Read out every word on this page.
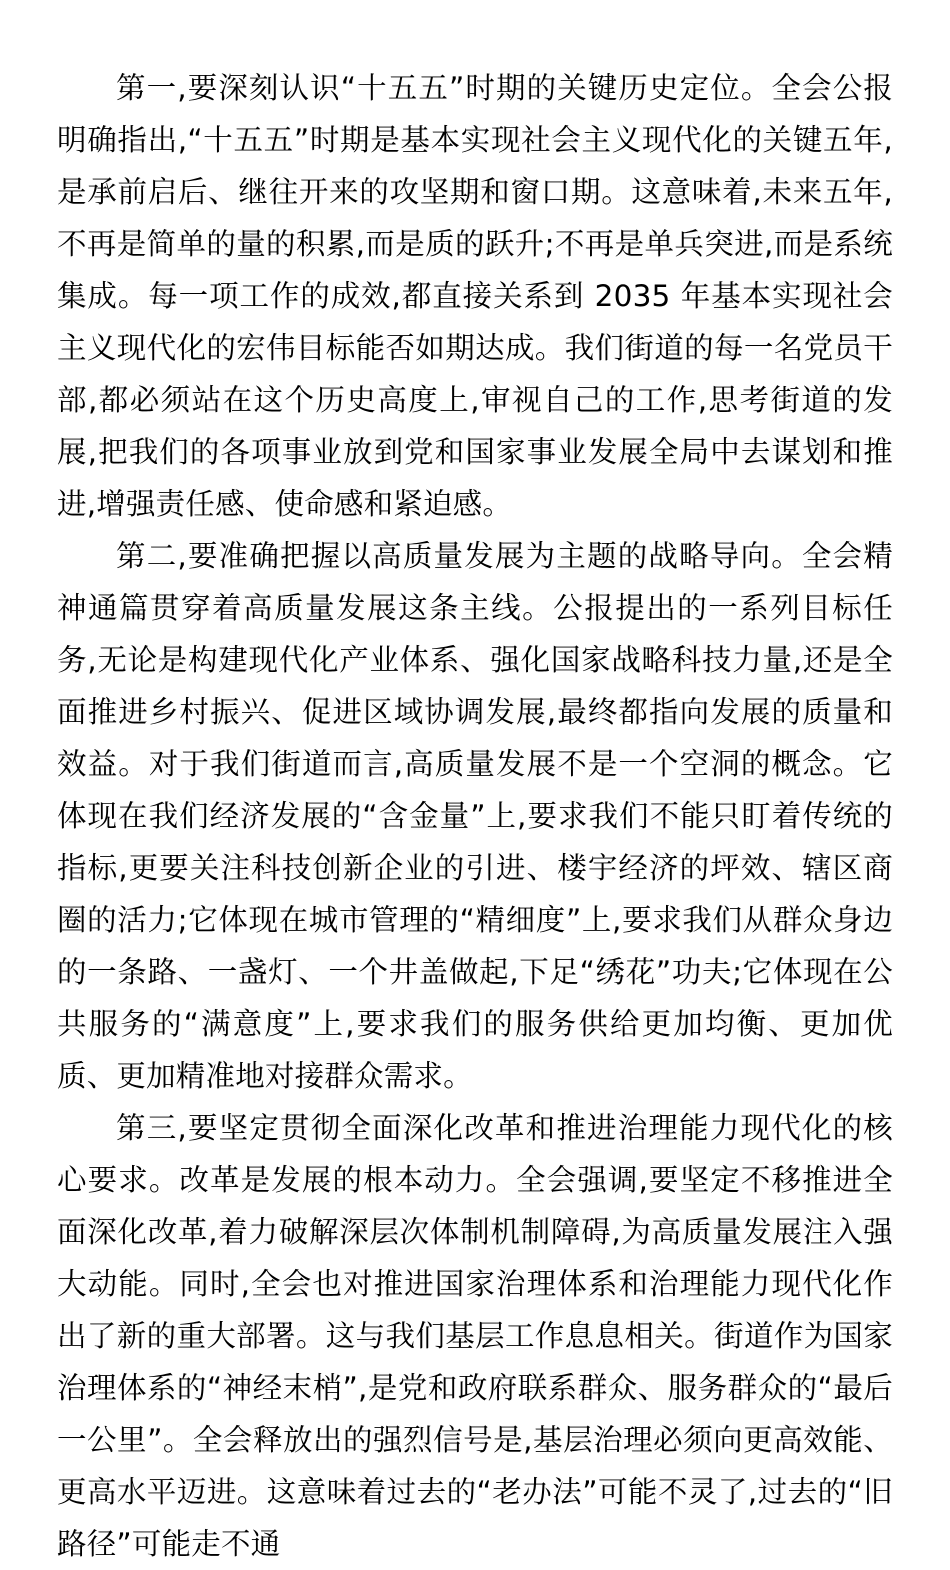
第一,要深刻认识“十五五”时期的关键历史定位。全会公报明确指出,“十五五”时期是基本实现社会主义现代化的关键五年,是承前启后、继往开来的攻坚期和窗口期。这意味着,未来五年,不再是简单的量的积累,而是质的跃升;不再是单兵突进,而是系统集成。每一项工作的成效,都直接关系到 2035 年基本实现社会主义现代化的宏伟目标能否如期达成。我们街道的每一名党员干部,都必须站在这个历史高度上,审视自己的工作,思考街道的发展,把我们的各项事业放到党和国家事业发展全局中去谋划和推进,增强责任感、使命感和紧迫感。

第二,要准确把握以高质量发展为主题的战略导向。全会精神通篇贯穿着高质量发展这条主线。公报提出的一系列目标任务,无论是构建现代化产业体系、强化国家战略科技力量,还是全面推进乡村振兴、促进区域协调发展,最终都指向发展的质量和效益。对于我们街道而言,高质量发展不是一个空洞的概念。它体现在我们经济发展的“含金量”上,要求我们不能只盯着传统的指标,更要关注科技创新企业的引进、楼宇经济的坪效、辖区商圈的活力;它体现在城市管理的“精细度”上,要求我们从群众身边的一条路、一盏灯、一个井盖做起,下足“绣花”功夫;它体现在公共服务的“满意度”上,要求我们的服务供给更加均衡、更加优质、更加精准地对接群众需求。

第三,要坚定贯彻全面深化改革和推进治理能力现代化的核心要求。改革是发展的根本动力。全会强调,要坚定不移推进全面深化改革,着力破解深层次体制机制障碍,为高质量发展注入强大动能。同时,全会也对推进国家治理体系和治理能力现代化作出了新的重大部署。这与我们基层工作息息相关。街道作为国家治理体系的“神经末梢”,是党和政府联系群众、服务群众的“最后一公里”。全会释放出的强烈信号是,基层治理必须向更高效能、更高水平迈进。这意味着过去的“老办法”可能不灵了,过去的“旧路径”可能走不通
